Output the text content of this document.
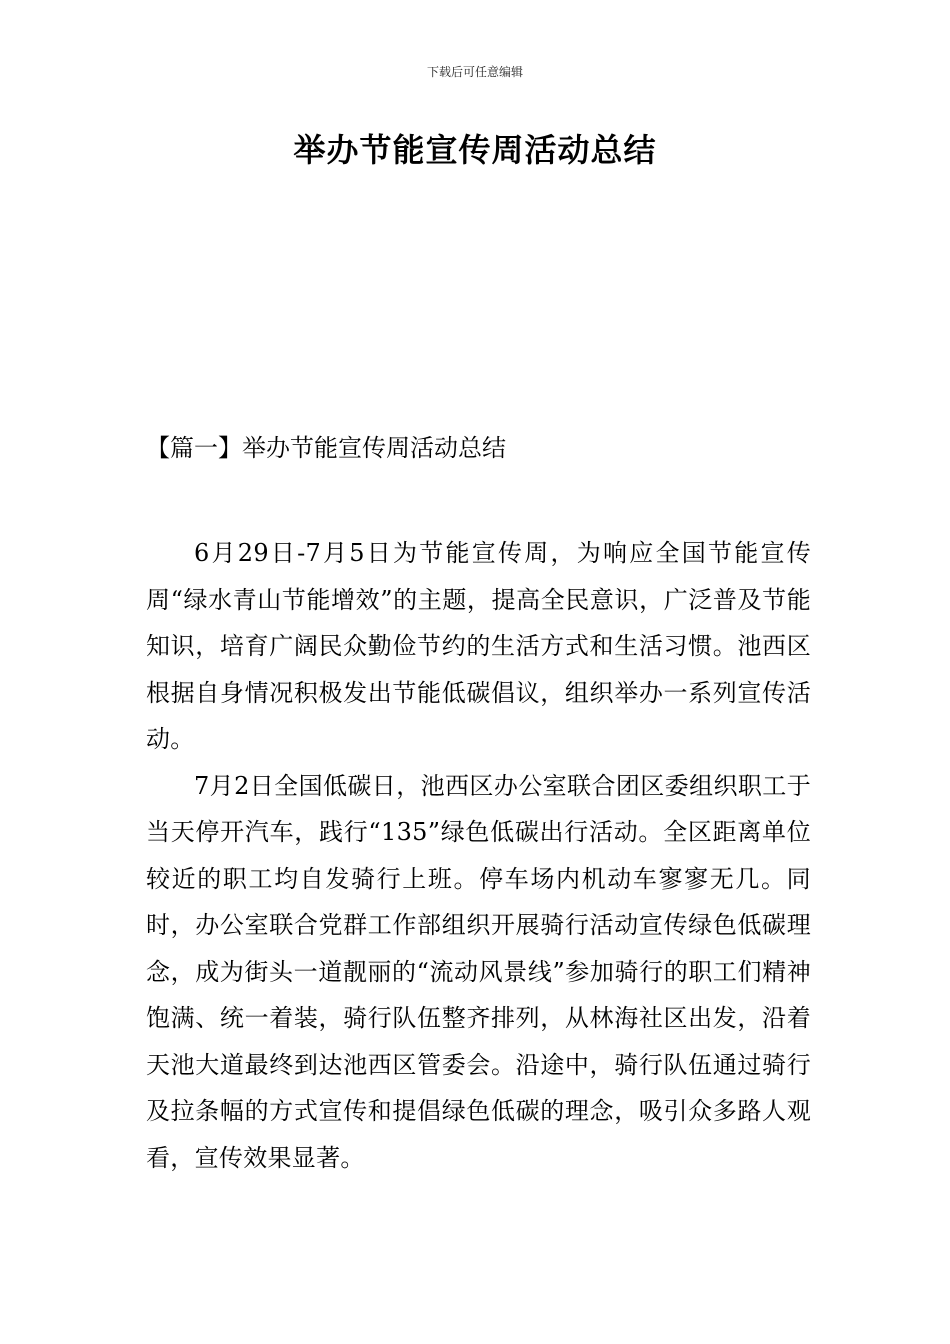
下载后可任意编辑
举办节能宣传周活动总结
【篇一】举办节能宣传周活动总结

6月29日-7月5日为节能宣传周，为响应全国节能宣传周“绿水青山节能增效”的主题，提高全民意识，广泛普及节能知识，培育广阔民众勤俭节约的生活方式和生活习惯。池西区根据自身情况积极发出节能低碳倡议，组织举办一系列宣传活动。

7月2日全国低碳日，池西区办公室联合团区委组织职工于当天停开汽车，践行“135”绿色低碳出行活动。全区距离单位较近的职工均自发骑行上班。停车场内机动车寥寥无几。同时，办公室联合党群工作部组织开展骑行活动宣传绿色低碳理念，成为街头一道靓丽的“流动风景线”参加骑行的职工们精神饱满、统一着装，骑行队伍整齐排列，从林海社区出发，沿着天池大道最终到达池西区管委会。沿途中，骑行队伍通过骑行及拉条幅的方式宣传和提倡绿色低碳的理念，吸引众多路人观看，宣传效果显著。
